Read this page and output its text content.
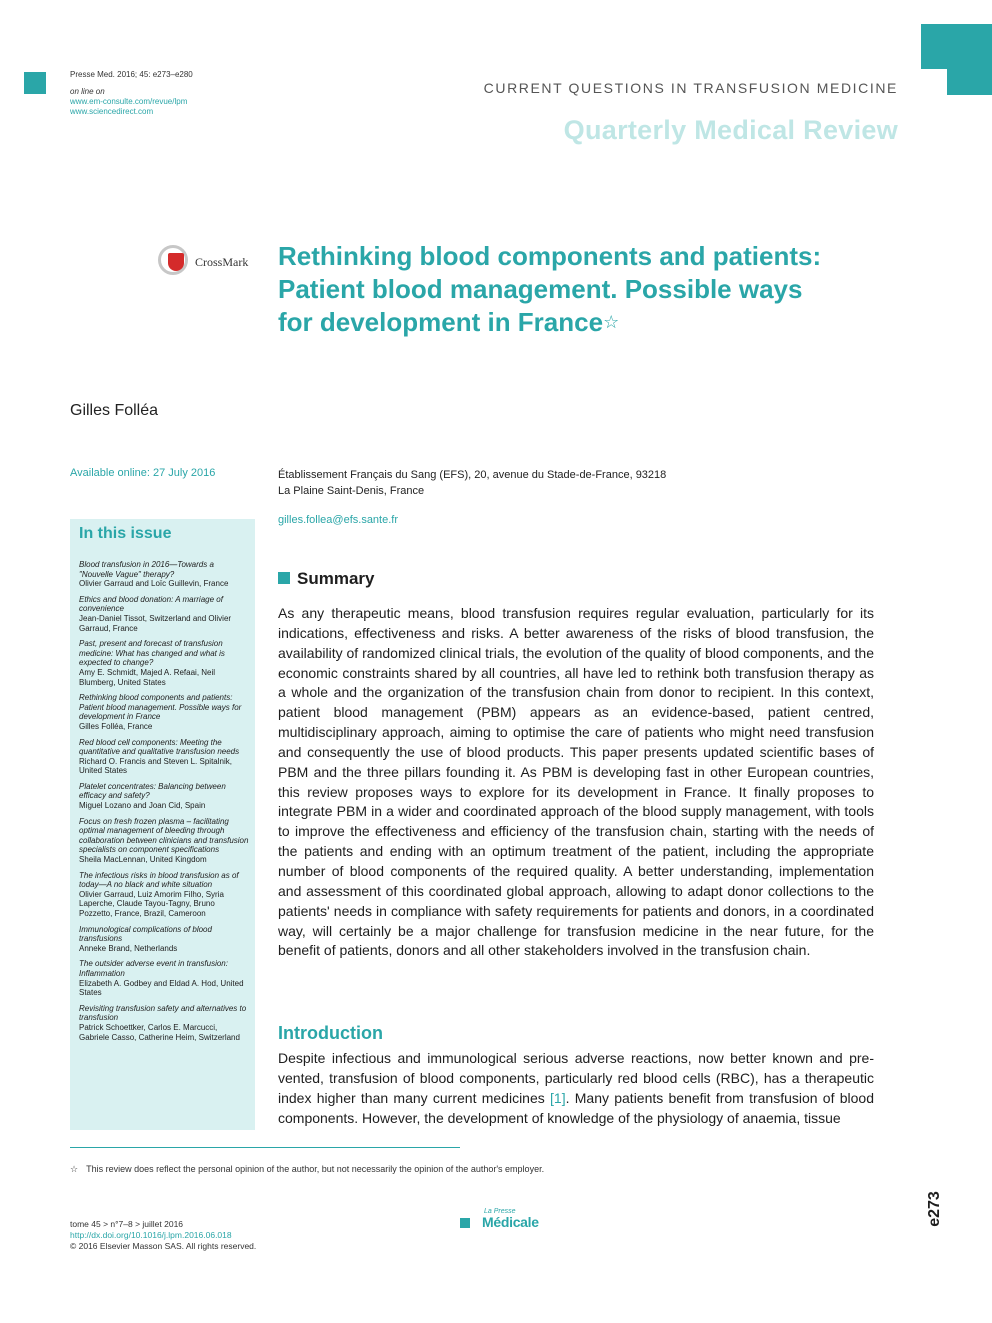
Presse Med. 2016; 45: e273–e280
on line on
www.em-consulte.com/revue/lpm
www.sciencedirect.com
CURRENT QUESTIONS IN TRANSFUSION MEDICINE
Quarterly Medical Review
CrossMark Rethinking blood components and patients:
Patient blood management. Possible ways
for development in France☆
Gilles Folléa
Available online: 27 July 2016	Établissement Français du Sang (EFS), 20, avenue du Stade-de-France, 93218 La Plaine Saint-Denis, France
gilles.follea@efs.sante.fr
In this issue
Blood transfusion in 2016—Towards a "Nouvelle Vague" therapy?
Olivier Garraud and Loïc Guillevin, France
Ethics and blood donation: A marriage of convenience
Jean-Daniel Tissot, Switzerland and Olivier Garraud, France
Past, present and forecast of transfusion medicine: What has changed and what is expected to change?
Amy E. Schmidt, Majed A. Refaai, Neil Blumberg, United States
Rethinking blood components and patients: Patient blood management. Possible ways for development in France
Gilles Folléa, France
Red blood cell components: Meeting the quantitative and qualitative transfusion needs
Richard O. Francis and Steven L. Spitalnik, United States
Platelet concentrates: Balancing between efficacy and safety?
Miguel Lozano and Joan Cid, Spain
Focus on fresh frozen plasma – facilitating optimal management of bleeding through collaboration between clinicians and transfusion specialists on component specifications
Sheila MacLennan, United Kingdom
The infectious risks in blood transfusion as of today—A no black and white situation
Olivier Garraud, Luiz Amorim Filho, Syria Laperche, Claude Tayou-Tagny, Bruno Pozzetto, France, Brazil, Cameroon
Immunological complications of blood transfusions
Anneke Brand, Netherlands
The outsider adverse event in transfusion: Inflammation
Elizabeth A. Godbey and Eldad A. Hod, United States
Revisiting transfusion safety and alternatives to transfusion
Patrick Schoettker, Carlos E. Marcucci, Gabriele Casso, Catherine Heim, Switzerland
Summary
As any therapeutic means, blood transfusion requires regular evaluation, particularly for its indications, effectiveness and risks. A better awareness of the risks of blood transfusion, the availability of randomized clinical trials, the evolution of the quality of blood components, and the economic constraints shared by all countries, all have led to rethink both transfusion therapy as a whole and the organization of the transfusion chain from donor to recipient. In this context, patient blood management (PBM) appears as an evidence-based, patient centred, multidisciplinary approach, aiming to optimise the care of patients who might need transfusion and consequently the use of blood products. This paper presents updated scientific bases of PBM and the three pillars founding it. As PBM is developing fast in other European countries, this review proposes ways to explore for its development in France. It finally proposes to integrate PBM in a wider and coordinated approach of the blood supply management, with tools to improve the effectiveness and efficiency of the transfusion chain, starting with the needs of the patients and ending with an optimum treatment of the patient, including the appropriate number of blood components of the required quality. A better understanding, implementation and assessment of this coordinated global approach, allowing to adapt donor collections to the patients' needs in compliance with safety requirements for patients and donors, in a coordinated way, will certainly be a major challenge for transfusion medicine in the near future, for the benefit of patients, donors and all other stakeholders involved in the transfusion chain.
Introduction
Despite infectious and immunological serious adverse reactions, now better known and pre-vented, transfusion of blood components, particularly red blood cells (RBC), has a therapeutic index higher than many current medicines [1]. Many patients benefit from transfusion of blood components. However, the development of knowledge of the physiology of anaemia, tissue
☆ This review does reflect the personal opinion of the author, but not necessarily the opinion of the author's employer.
tome 45 > n°7–8 > juillet 2016
http://dx.doi.org/10.1016/j.lpm.2016.06.018
© 2016 Elsevier Masson SAS. All rights reserved.
La Presse
Médicale	e273
